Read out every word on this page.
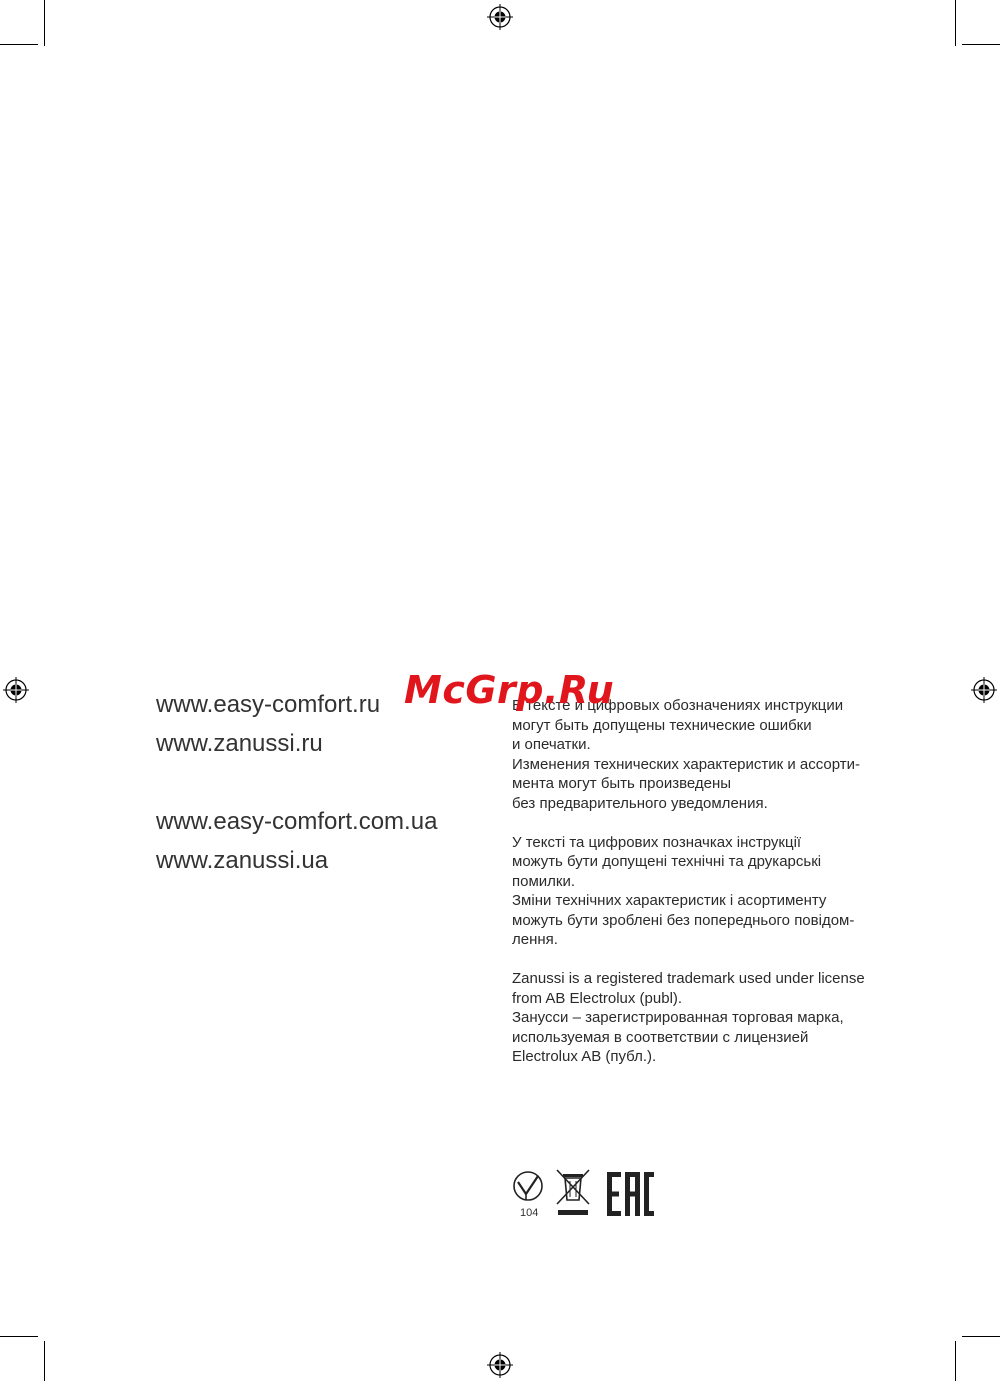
www.easy-comfort.ru
www.zanussi.ru
www.easy-comfort.com.ua
www.zanussi.ua
В тексте и цифровых обозначениях инструкции
могут быть допущены технические ошибки
и опечатки.
Изменения технических характеристик и ассорти-
мента могут быть произведены
без предварительного уведомления.
У тексті та цифрових позначках інструкції
можуть бути допущені технічні та друкарські
помилки.
Зміни технічних характеристик і асортименту
можуть бути зроблені без попереднього повідом-
лення.
Zanussi is a registered trademark used under license
from AB Electrolux (publ).
Занусси – зарегистрированная торговая марка,
используемая в соответствии с лицензией
Electrolux AB (публ.).
McGrp.Ru
104
